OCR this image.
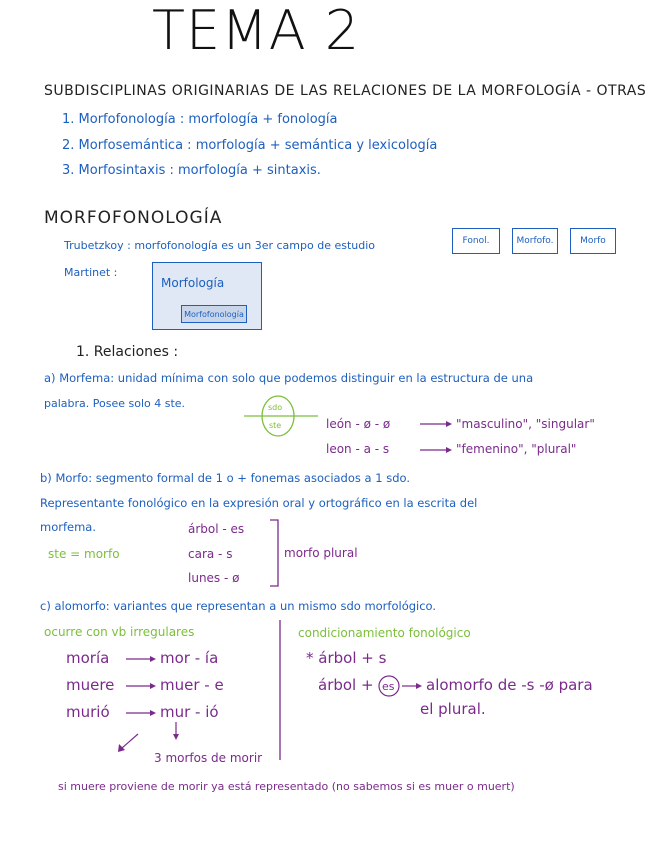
TEMA 2
SUBDISCIPLINAS ORIGINARIAS DE LAS RELACIONES DE LA MORFOLOGÍA - OTRAS
1. Morfofonología : morfología + fonología
2. Morfosemántica : morfología + semántica y lexicología
3. Morfosintaxis : morfología + sintaxis.
MORFOFONOLOGÍA
Trubetzkoy : morfofonología es un 3er campo de estudio	Fonol.	Morfofo.	Morfo
Martinet :
Morfología
Morfofonología
1. Relaciones :
a) Morfema: unidad mínima con solo que podemos distinguir en la estructura de una
palabra. Posee solo 4 ste.	sdo
ste	león - ø - ø	"masculino", "singular"
leon - a - s	"femenino", "plural"
b) Morfo: segmento formal de 1 o + fonemas asociados a 1 sdo.
Representante fonológico en la expresión oral y ortográfico en la escrita del
morfema.
ste = morfo
árbol - es
cara - s
lunes - ø
morfo plural
c) alomorfo: variantes que representan a un mismo sdo morfológico.
ocurre con vb irregulares
moría	mor - ía
muere	muer - e
murió	mur - ió
3 morfos de morir
condicionamiento fonológico
* árbol + s
árbol + es alomorfo de -s -ø para
el plural.
si muere proviene de morir ya está representado (no sabemos si es muer o muert)
